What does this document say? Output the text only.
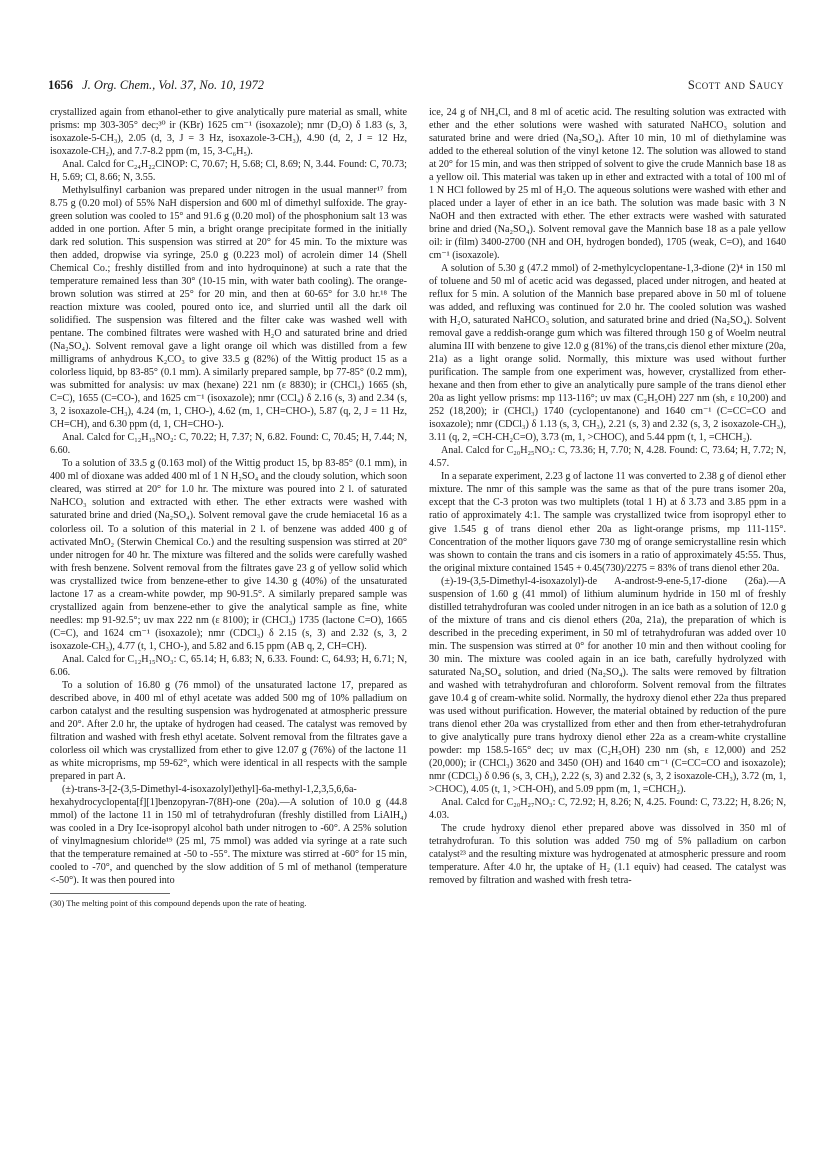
1656 J. Org. Chem., Vol. 37, No. 10, 1972	Scott and Saucy

crystallized again from ethanol-ether to give analytically pure material as small, white prisms: mp 303-305° dec;³⁰ ir (KBr) 1625 cm⁻¹ (isoxazole); nmr (D₂O) δ 1.83 (s, 3, isoxazole-5-CH₃), 2.05 (d, 3, J = 3 Hz, isoxazole-3-CH₃), 4.90 (d, 2, J = 12 Hz, isoxazole-CH₂), and 7.7-8.2 ppm (m, 15, 3-C₆H₅).

Anal. Calcd for C₂₄H₂₂ClNOP: C, 70.67; H, 5.68; Cl, 8.69; N, 3.44. Found: C, 70.73; H, 5.69; Cl, 8.66; N, 3.55.

Methylsulfinyl carbanion was prepared under nitrogen in the usual manner¹⁷ from 8.75 g (0.20 mol) of 55% NaH dispersion and 600 ml of dimethyl sulfoxide. The gray-green solution was cooled to 15° and 91.6 g (0.20 mol) of the phosphonium salt 13 was added in one portion. After 5 min, a bright orange precipitate formed in the initially dark red solution. This suspension was stirred at 20° for 45 min. To the mixture was then added, dropwise via syringe, 25.0 g (0.223 mol) of acrolein dimer 14 (Shell Chemical Co.; freshly distilled from and into hydroquinone) at such a rate that the temperature remained less than 30° (10-15 min, with water bath cooling). The orange-brown solution was stirred at 25° for 20 min, and then at 60-65° for 3.0 hr.¹⁸ The reaction mixture was cooled, poured onto ice, and slurried until all the dark oil solidified. The suspension was filtered and the filter cake was washed well with pentane. The combined filtrates were washed with H₂O and saturated brine and dried (Na₂SO₄). Solvent removal gave a light orange oil which was distilled from a few milligrams of anhydrous K₂CO₃ to give 33.5 g (82%) of the Wittig product 15 as a colorless liquid, bp 83-85° (0.1 mm). A similarly prepared sample, bp 77-85° (0.2 mm), was submitted for analysis: uv max (hexane) 221 nm (ε 8830); ir (CHCl₃) 1665 (sh, C=C), 1655 (C=CO-), and 1625 cm⁻¹ (isoxazole); nmr (CCl₄) δ 2.16 (s, 3) and 2.34 (s, 3, 2 isoxazole-CH₃), 4.24 (m, 1, CHO-), 4.62 (m, 1, CH=CHO-), 5.87 (q, 2, J = 11 Hz, CH=CH), and 6.30 ppm (d, 1, CH=CHO-).

Anal. Calcd for C₁₂H₁₅NO₂: C, 70.22; H, 7.37; N, 6.82. Found: C, 70.45; H, 7.44; N, 6.60.

To a solution of 33.5 g (0.163 mol) of the Wittig product 15, bp 83-85° (0.1 mm), in 400 ml of dioxane was added 400 ml of 1 N H₂SO₄ and the cloudy solution, which soon cleared, was stirred at 20° for 1.0 hr. The mixture was poured into 2 l. of saturated NaHCO₃ solution and extracted with ether. The ether extracts were washed with saturated brine and dried (Na₂SO₄). Solvent removal gave the crude hemiacetal 16 as a colorless oil. To a solution of this material in 2 l. of benzene was added 400 g of activated MnO₂ (Sterwin Chemical Co.) and the resulting suspension was stirred at 20° under nitrogen for 40 hr. The mixture was filtered and the solids were carefully washed with fresh benzene. Solvent removal from the filtrates gave 23 g of yellow solid which was crystallized twice from benzene-ether to give 14.30 g (40%) of the unsaturated lactone 17 as a cream-white powder, mp 90-91.5°. A similarly prepared sample was crystallized again from benzene-ether to give the analytical sample as fine, white needles: mp 91-92.5°; uv max 222 nm (ε 8100); ir (CHCl₃) 1735 (lactone C=O), 1665 (C=C), and 1624 cm⁻¹ (isoxazole); nmr (CDCl₃) δ 2.15 (s, 3) and 2.32 (s, 3, 2 isoxazole-CH₃), 4.77 (t, 1, CHO-), and 5.82 and 6.15 ppm (AB q, 2, CH=CH).

Anal. Calcd for C₁₂H₁₅NO₃: C, 65.14; H, 6.83; N, 6.33. Found: C, 64.93; H, 6.71; N, 6.06.

To a solution of 16.80 g (76 mmol) of the unsaturated lactone 17, prepared as described above, in 400 ml of ethyl acetate was added 500 mg of 10% palladium on carbon catalyst and the resulting suspension was hydrogenated at atmospheric pressure and 20°. After 2.0 hr, the uptake of hydrogen had ceased. The catalyst was removed by filtration and washed with fresh ethyl acetate. Solvent removal from the filtrates gave a colorless oil which was crystallized from ether to give 12.07 g (76%) of the lactone 11 as white microprisms, mp 59-62°, which were identical in all respects with the sample prepared in part A.

(±)-trans-3-[2-(3,5-Dimethyl-4-isoxazolyl)ethyl]-6a-methyl-1,2,3,5,6,6a-hexahydrocyclopenta[f][1]benzopyran-7(8H)-one (20a).—A solution of 10.0 g (44.8 mmol) of the lactone 11 in 150 ml of tetrahydrofuran (freshly distilled from LiAlH₄) was cooled in a Dry Ice-isopropyl alcohol bath under nitrogen to -60°. A 25% solution of vinylmagnesium chloride¹⁹ (25 ml, 75 mmol) was added via syringe at a rate such that the temperature remained at -50 to -55°. The mixture was stirred at -60° for 15 min, cooled to -70°, and quenched by the slow addition of 5 ml of methanol (temperature <-50°). It was then poured into

(30) The melting point of this compound depends upon the rate of heating.

ice, 24 g of NH₄Cl, and 8 ml of acetic acid. The resulting solution was extracted with ether and the ether solutions were washed with saturated NaHCO₃ solution and saturated brine and were dried (Na₂SO₄). After 10 min, 10 ml of diethylamine was added to the ethereal solution of the vinyl ketone 12. The solution was allowed to stand at 20° for 15 min, and was then stripped of solvent to give the crude Mannich base 18 as a yellow oil. This material was taken up in ether and extracted with a total of 100 ml of 1 N HCl followed by 25 ml of H₂O. The aqueous solutions were washed with ether and placed under a layer of ether in an ice bath. The solution was made basic with 3 N NaOH and then extracted with ether. The ether extracts were washed with saturated brine and dried (Na₂SO₄). Solvent removal gave the Mannich base 18 as a pale yellow oil: ir (film) 3400-2700 (NH and OH, hydrogen bonded), 1705 (weak, C=O), and 1640 cm⁻¹ (isoxazole).

A solution of 5.30 g (47.2 mmol) of 2-methylcyclopentane-1,3-dione (2)⁴ in 150 ml of toluene and 50 ml of acetic acid was degassed, placed under nitrogen, and heated at reflux for 5 min. A solution of the Mannich base prepared above in 50 ml of toluene was added, and refluxing was continued for 2.0 hr. The cooled solution was washed with H₂O, saturated NaHCO₃ solution, and saturated brine and dried (Na₂SO₄). Solvent removal gave a reddish-orange gum which was filtered through 150 g of Woelm neutral alumina III with benzene to give 12.0 g (81%) of the trans,cis dienol ether mixture (20a, 21a) as a light orange solid. Normally, this mixture was used without further purification. The sample from one experiment was, however, crystallized from ether-hexane and then from ether to give an analytically pure sample of the trans dienol ether 20a as light yellow prisms: mp 113-116°; uv max (C₂H₅OH) 227 nm (sh, ε 10,200) and 252 (18,200); ir (CHCl₃) 1740 (cyclopentanone) and 1640 cm⁻¹ (C=CC=CO and isoxazole); nmr (CDCl₃) δ 1.13 (s, 3, CH₃), 2.21 (s, 3) and 2.32 (s, 3, 2 isoxazole-CH₃), 3.11 (q, 2, =CH-CH₂C=O), 3.73 (m, 1, >CHOC), and 5.44 ppm (t, 1, =CHCH₂).

Anal. Calcd for C₂₀H₂₅NO₃: C, 73.36; H, 7.70; N, 4.28. Found: C, 73.64; H, 7.72; N, 4.57.

In a separate experiment, 2.23 g of lactone 11 was converted to 2.38 g of dienol ether mixture. The nmr of this sample was the same as that of the pure trans isomer 20a, except that the C-3 proton was two multiplets (total 1 H) at δ 3.73 and 3.85 ppm in a ratio of approximately 4:1. The sample was crystallized twice from isopropyl ether to give 1.545 g of trans dienol ether 20a as light-orange prisms, mp 111-115°. Concentration of the mother liquors gave 730 mg of orange semicrystalline resin which was shown to contain the trans and cis isomers in a ratio of approximately 45:55. Thus, the original mixture contained 1545 + 0.45(730)/2275 = 83% of trans dienol ether 20a.

(±)-19-(3,5-Dimethyl-4-isoxazolyl)-de A-androst-9-ene-5,17-dione (26a).—A suspension of 1.60 g (41 mmol) of lithium aluminum hydride in 150 ml of freshly distilled tetrahydrofuran was cooled under nitrogen in an ice bath as a solution of 12.0 g of the mixture of trans and cis dienol ethers (20a, 21a), the preparation of which is described in the preceding experiment, in 50 ml of tetrahydrofuran was added over 10 min. The suspension was stirred at 0° for another 10 min and then without cooling for 30 min. The mixture was cooled again in an ice bath, carefully hydrolyzed with saturated Na₂SO₄ solution, and dried (Na₂SO₄). The salts were removed by filtration and washed with tetrahydrofuran and chloroform. Solvent removal from the filtrates gave 10.4 g of cream-white solid. Normally, the hydroxy dienol ether 22a thus prepared was used without purification. However, the material obtained by reduction of the pure trans dienol ether 20a was crystallized from ether and then from ether-tetrahydrofuran to give analytically pure trans hydroxy dienol ether 22a as a cream-white crystalline powder: mp 158.5-165° dec; uv max (C₂H₅OH) 230 nm (sh, ε 12,000) and 252 (20,000); ir (CHCl₃) 3620 and 3450 (OH) and 1640 cm⁻¹ (C=CC=CO and isoxazole); nmr (CDCl₃) δ 0.96 (s, 3, CH₃), 2.22 (s, 3) and 2.32 (s, 3, 2 isoxazole-CH₃), 3.72 (m, 1, >CHOC), 4.05 (t, 1, >CH-OH), and 5.09 ppm (m, 1, =CHCH₂).

Anal. Calcd for C₂₀H₂₇NO₃: C, 72.92; H, 8.26; N, 4.25. Found: C, 73.22; H, 8.26; N, 4.03.

The crude hydroxy dienol ether prepared above was dissolved in 350 ml of tetrahydrofuran. To this solution was added 750 mg of 5% palladium on carbon catalyst²³ and the resulting mixture was hydrogenated at atmospheric pressure and room temperature. After 4.0 hr, the uptake of H₂ (1.1 equiv) had ceased. The catalyst was removed by filtration and washed with fresh tetra-
